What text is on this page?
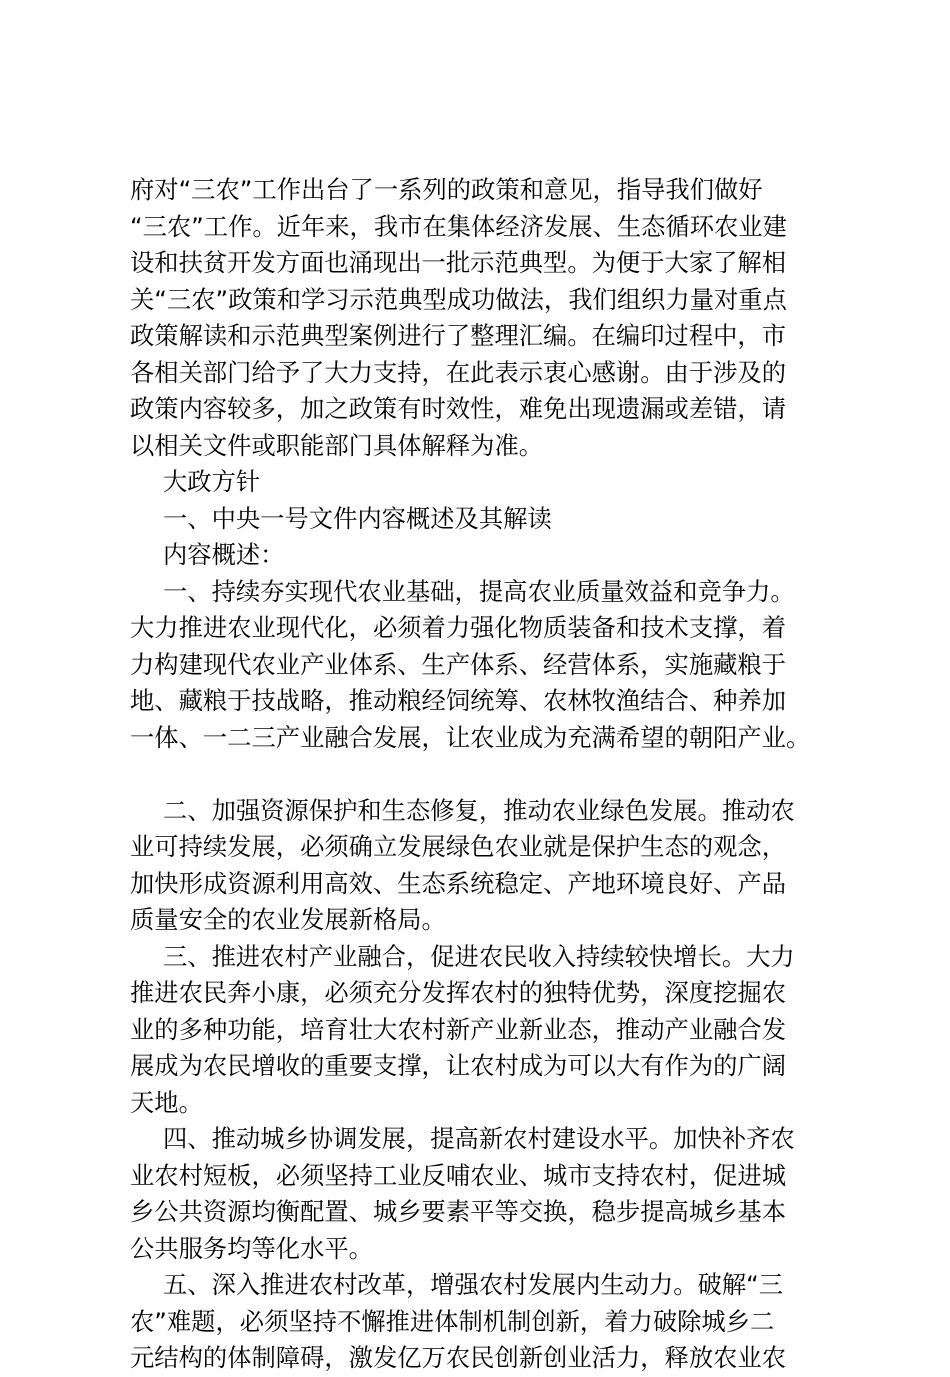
府对“三农”工作出台了一系列的政策和意见，指导我们做好
“三农”工作。近年来，我市在集体经济发展、生态循环农业建
设和扶贫开发方面也涌现出一批示范典型。为便于大家了解相
关“三农”政策和学习示范典型成功做法，我们组织力量对重点
政策解读和示范典型案例进行了整理汇编。在编印过程中，市
各相关部门给予了大力支持，在此表示衷心感谢。由于涉及的
政策内容较多，加之政策有时效性，难免出现遗漏或差错，请
以相关文件或职能部门具体解释为准。
大政方针
一、中央一号文件内容概述及其解读
内容概述：
一、持续夯实现代农业基础，提高农业质量效益和竞争力。
大力推进农业现代化，必须着力强化物质装备和技术支撑，着
力构建现代农业产业体系、生产体系、经营体系，实施藏粮于
地、藏粮于技战略，推动粮经饲统筹、农林牧渔结合、种养加
一体、一二三产业融合发展，让农业成为充满希望的朝阳产业。
二、加强资源保护和生态修复，推动农业绿色发展。推动农
业可持续发展，必须确立发展绿色农业就是保护生态的观念，
加快形成资源利用高效、生态系统稳定、产地环境良好、产品
质量安全的农业发展新格局。
三、推进农村产业融合，促进农民收入持续较快增长。大力
推进农民奔小康，必须充分发挥农村的独特优势，深度挖掘农
业的多种功能，培育壮大农村新产业新业态，推动产业融合发
展成为农民增收的重要支撑，让农村成为可以大有作为的广阔
天地。
四、推动城乡协调发展，提高新农村建设水平。加快补齐农
业农村短板，必须坚持工业反哺农业、城市支持农村，促进城
乡公共资源均衡配置、城乡要素平等交换，稳步提高城乡基本
公共服务均等化水平。
五、深入推进农村改革，增强农村发展内生动力。破解“三
农”难题，必须坚持不懈推进体制机制创新，着力破除城乡二
元结构的体制障碍，激发亿万农民创新创业活力，释放农业农
